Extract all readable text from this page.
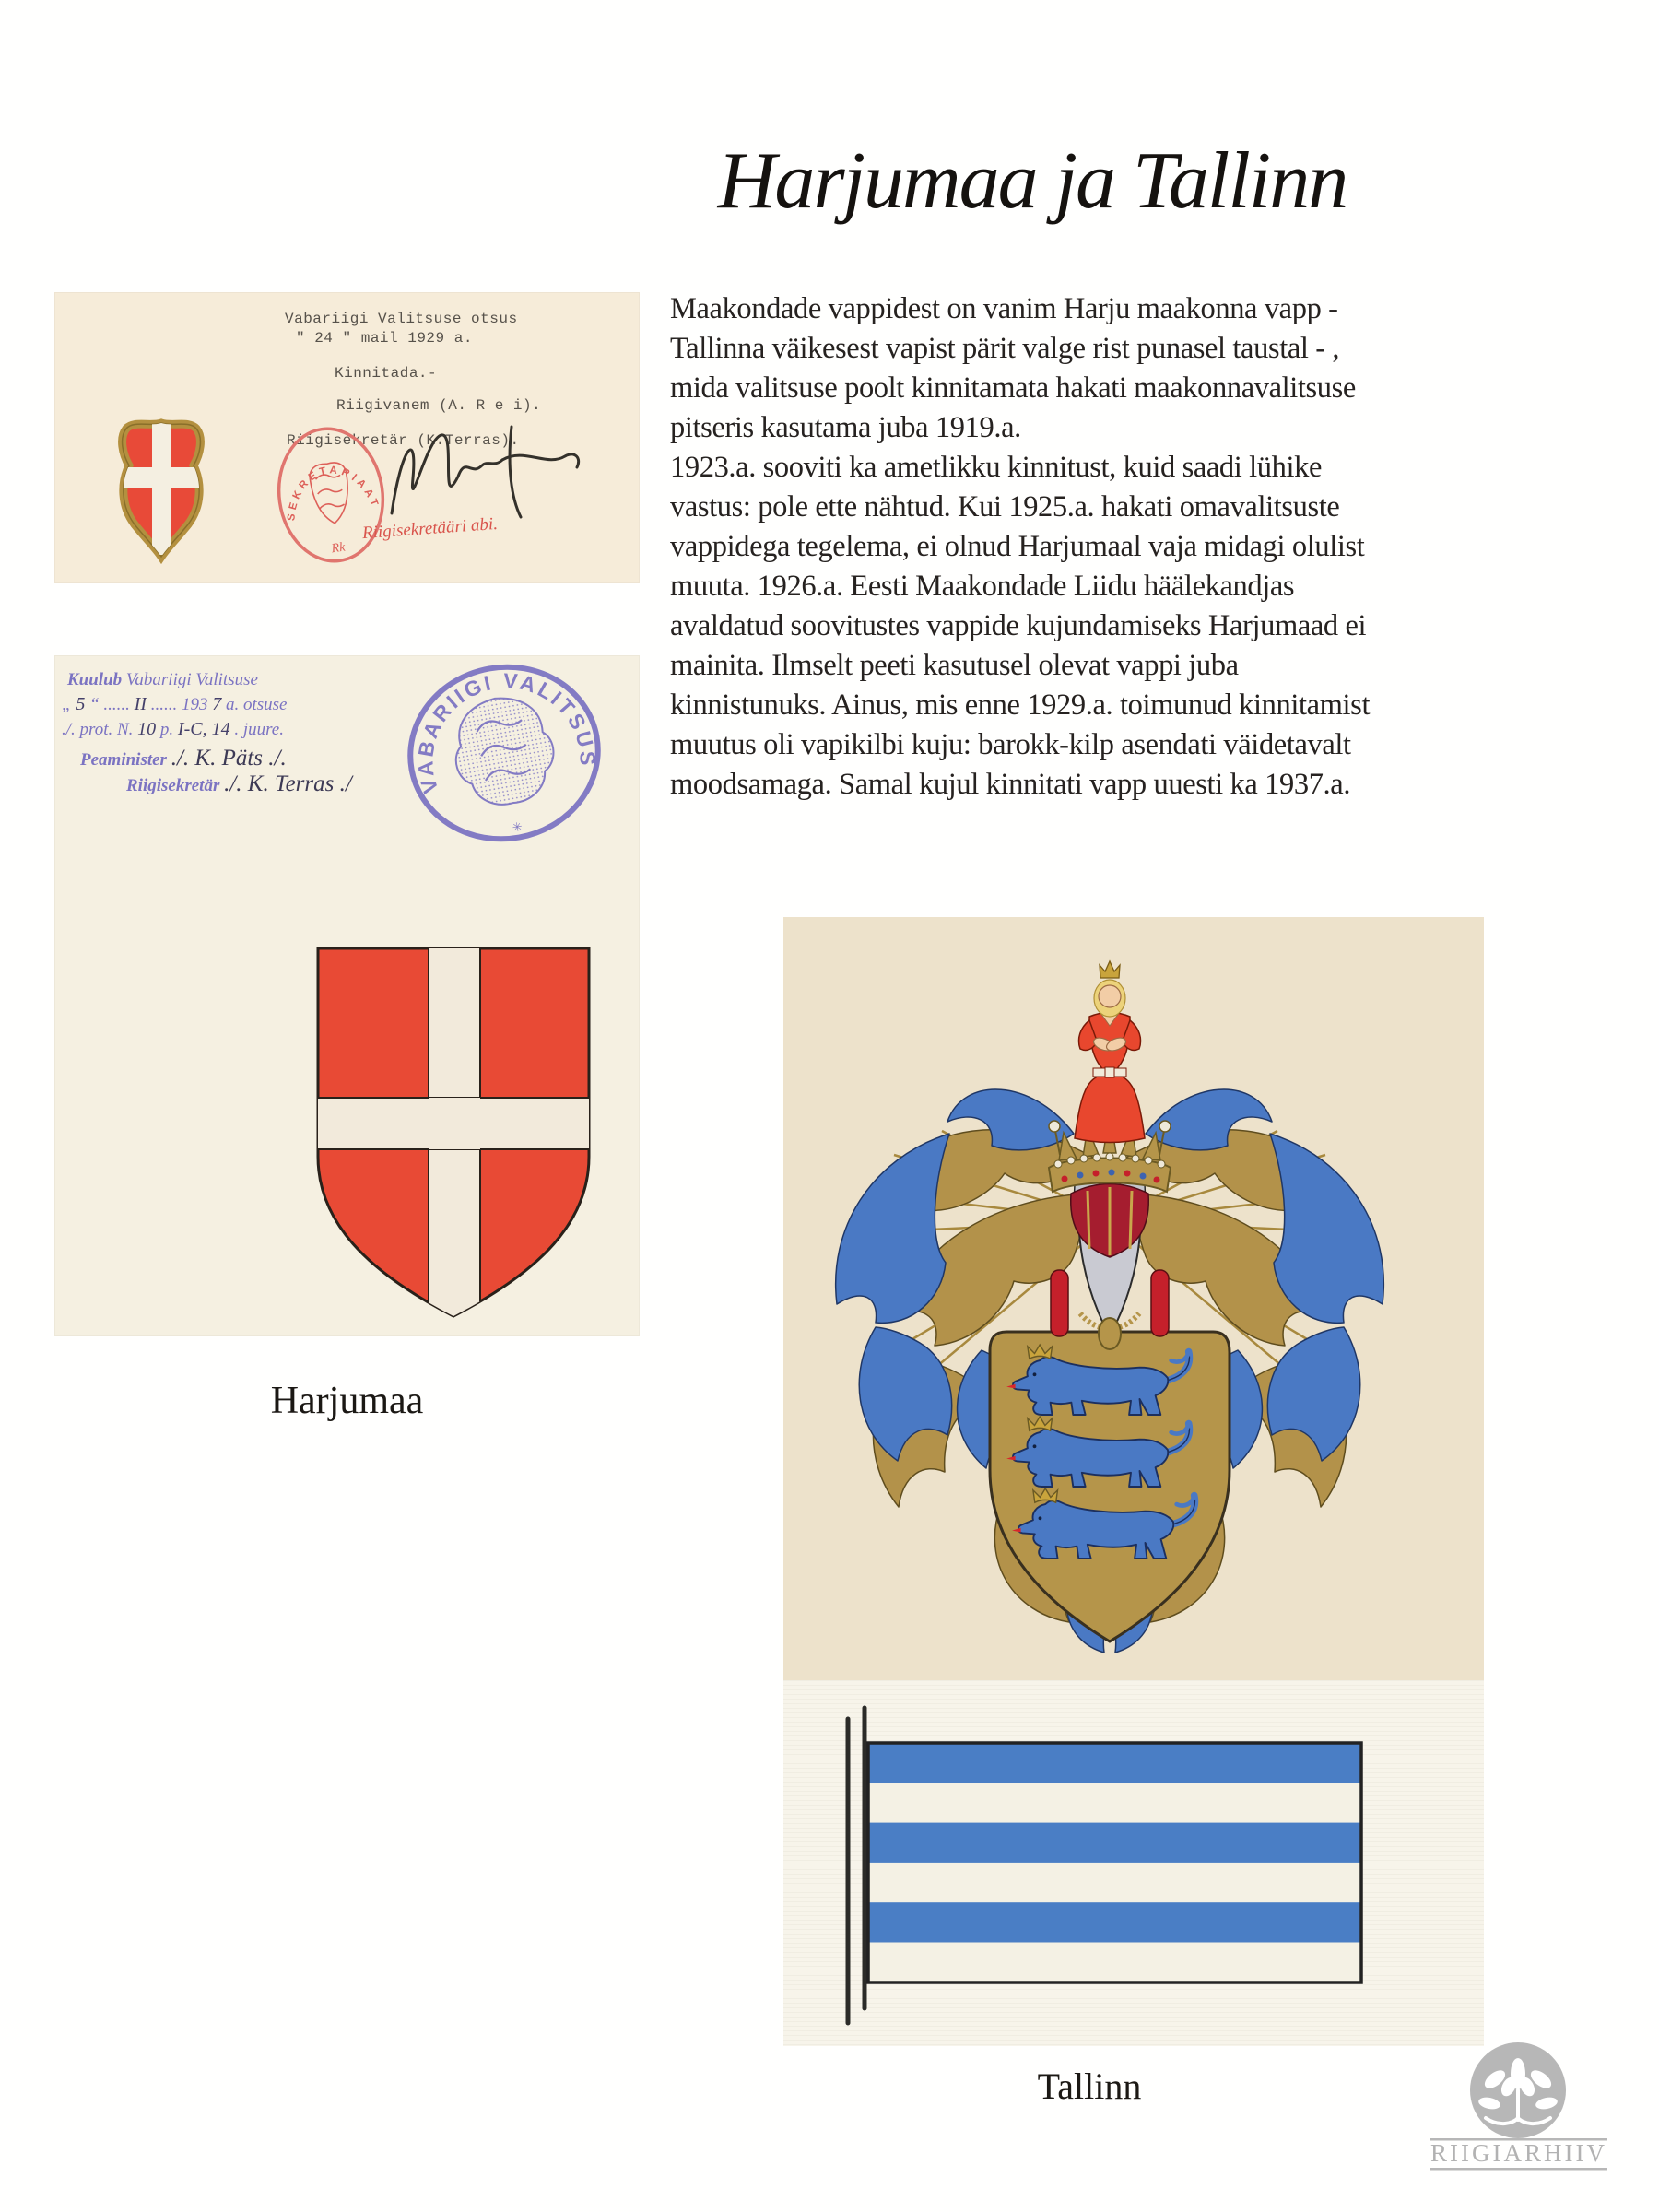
Harjumaa ja Tallinn
Vabariigi Valitsuse otsus
" 24 " mail 1929 a.
Kinnitada.-
Riigivanem (A. R e i).
Riigisekretär (K.Terras).
SEKRETARIAAT
Rk
Riigisekretääri abi.
Kuulub Vabariigi Valitsuse
„ 5 “ ...... II ...... 193 7 a. otsuse
./. prot. N. 10 p. I-C, 14 . juure.
Peaminister ./. K. Päts ./.
Riigisekretär ./. K. Terras ./	VABARIIGI VALITSUS
✳
Harjumaa
Maakondade vappidest on vanim Harju maakonna vapp -
Tallinna väikesest vapist pärit valge rist punasel taustal - ,
mida valitsuse poolt kinnitamata hakati maakonnavalitsuse
pitseris kasutama juba 1919.a.
1923.a. sooviti ka ametlikku kinnitust, kuid saadi lühike
vastus: pole ette nähtud. Kui 1925.a. hakati omavalitsuste
vappidega tegelema, ei olnud Harjumaal vaja midagi olulist
muuta. 1926.a. Eesti Maakondade Liidu häälekandjas
avaldatud soovitustes vappide kujundamiseks Harjumaad ei
mainita. Ilmselt peeti kasutusel olevat vappi juba
kinnistunuks. Ainus, mis enne 1929.a. toimunud kinnitamist
muutus oli vapikilbi kuju: barokk-kilp asendati väidetavalt
moodsamaga. Samal kujul kinnitati vapp uuesti ka 1937.a.
Tallinn
RIIGIARHIIV
